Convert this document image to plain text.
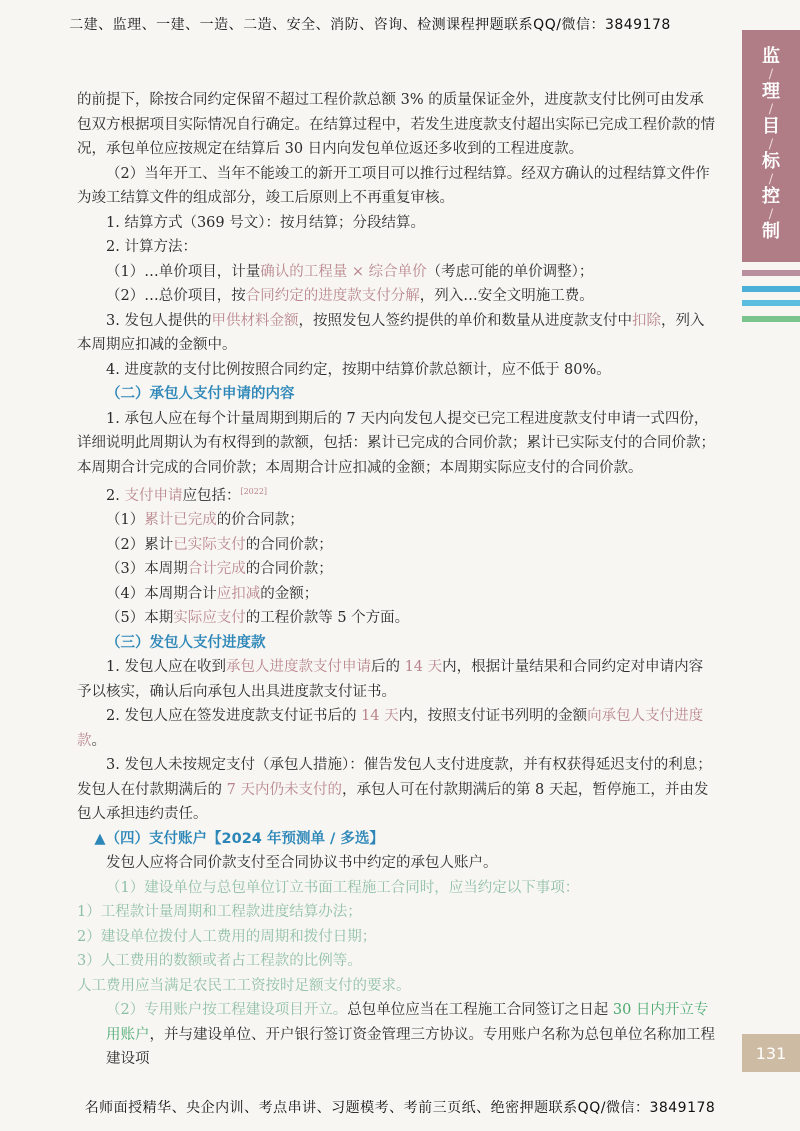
二建、监理、一建、一造、二造、安全、消防、咨询、检测课程押题联系QQ/微信：3849178
监
/
理
/
目
/
标
/
控
/
制

的前提下，除按合同约定保留不超过工程价款总额 3% 的质量保证金外，进度款支付比例可由发承包双方根据项目实际情况自行确定。在结算过程中，若发生进度款支付超出实际已完成工程价款的情况，承包单位应按规定在结算后 30 日内向发包单位返还多收到的工程进度款。

（2）当年开工、当年不能竣工的新开工项目可以推行过程结算。经双方确认的过程结算文件作为竣工结算文件的组成部分，竣工后原则上不再重复审核。

1. 结算方式（369 号文）：按月结算；分段结算。

2. 计算方法：

（1）…单价项目，计量确认的工程量 × 综合单价（考虑可能的单价调整）；

（2）…总价项目，按合同约定的进度款支付分解，列入…安全文明施工费。

3. 发包人提供的甲供材料金额，按照发包人签约提供的单价和数量从进度款支付中扣除，列入本周期应扣减的金额中。

4. 进度款的支付比例按照合同约定，按期中结算价款总额计，应不低于 80%。

（二）承包人支付申请的内容

1. 承包人应在每个计量周期到期后的 7 天内向发包人提交已完工程进度款支付申请一式四份，详细说明此周期认为有权得到的款额，包括：累计已完成的合同价款；累计已实际支付的合同价款；本周期合计完成的合同价款；本周期合计应扣减的金额；本周期实际应支付的合同价款。

2. 支付申请应包括：[2022]

（1）累计已完成的价合同款；

（2）累计已实际支付的合同价款；

（3）本周期合计完成的合同价款；

（4）本周期合计应扣减的金额；

（5）本期实际应支付的工程价款等 5 个方面。

（三）发包人支付进度款

1. 发包人应在收到承包人进度款支付申请后的 14 天内，根据计量结果和合同约定对申请内容予以核实，确认后向承包人出具进度款支付证书。

2. 发包人应在签发进度款支付证书后的 14 天内，按照支付证书列明的金额向承包人支付进度款。

3. 发包人未按规定支付（承包人措施）：催告发包人支付进度款，并有权获得延迟支付的利息；发包人在付款期满后的 7 天内仍未支付的，承包人可在付款期满后的第 8 天起，暂停施工，并由发包人承担违约责任。

▲（四）支付账户【2024 年预测单 / 多选】

发包人应将合同价款支付至合同协议书中约定的承包人账户。

（1）建设单位与总包单位订立书面工程施工合同时，应当约定以下事项：

1）工程款计量周期和工程款进度结算办法；

2）建设单位拨付人工费用的周期和拨付日期；

3）人工费用的数额或者占工程款的比例等。

人工费用应当满足农民工工资按时足额支付的要求。

（2）专用账户按工程建设项目开立。总包单位应当在工程施工合同签订之日起 30 日内开立专用账户，并与建设单位、开户银行签订资金管理三方协议。专用账户名称为总包单位名称加工程建设项	131
名师面授精华、央企内训、考点串讲、习题模考、考前三页纸、绝密押题联系QQ/微信：3849178
